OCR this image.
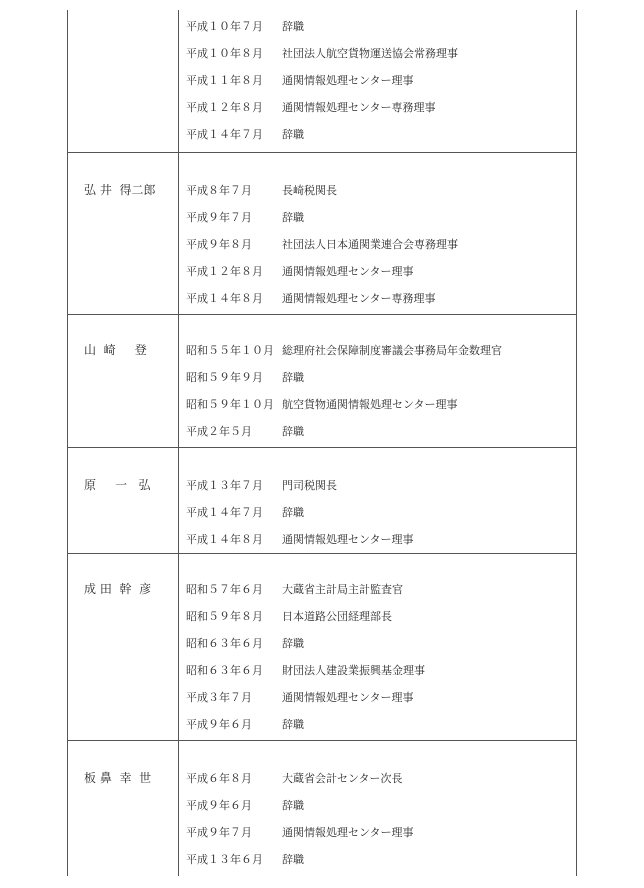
平成１０年７月 辞職
平成１０年８月 社団法人航空貨物運送協会常務理事
平成１１年８月 通関情報処理センター理事
平成１２年８月 通関情報処理センター専務理事
平成１４年７月 辞職
弘 井  得二郎	平成８年７月	長崎税関長
平成９年７月	辞職
平成９年８月	社団法人日本通関業連合会専務理事
平成１２年８月 通関情報処理センター理事
平成１４年８月 通関情報処理センター専務理事
山  崎     登	昭和５５年１０月 総理府社会保障制度審議会事務局年金数理官
昭和５９年９月 辞職
昭和５９年１０月 航空貨物通関情報処理センター理事
平成２年５月	辞職
原     一   弘	平成１３年７月 門司税関長
平成１４年７月 辞職
平成１４年８月 通関情報処理センター理事
成 田  幹  彦	昭和５７年６月 大蔵省主計局主計監査官
昭和５９年８月 日本道路公団経理部長
昭和６３年６月 辞職
昭和６３年６月 財団法人建設業振興基金理事
平成３年７月	通関情報処理センター理事
平成９年６月	辞職
板 鼻  幸  世	平成６年８月	大蔵省会計センター次長
平成９年６月	辞職
平成９年７月	通関情報処理センター理事
平成１３年６月 辞職
